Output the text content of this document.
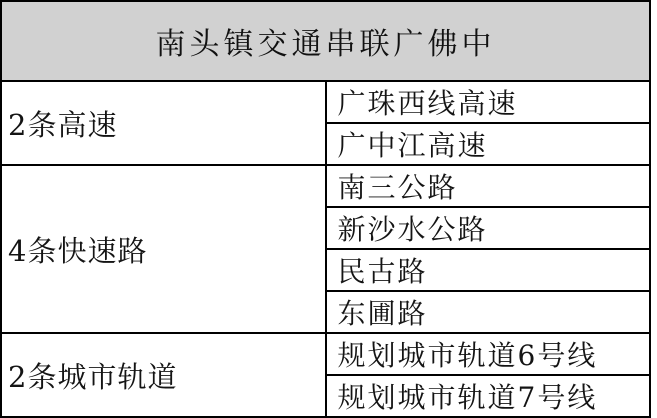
南头镇交通串联广佛中	
2条高速	广珠西线高速
	广中江高速
4条快速路	南三公路
	新沙水公路
	民古路
	东圃路
2条城市轨道	规划城市轨道6号线
	规划城市轨道7号线
